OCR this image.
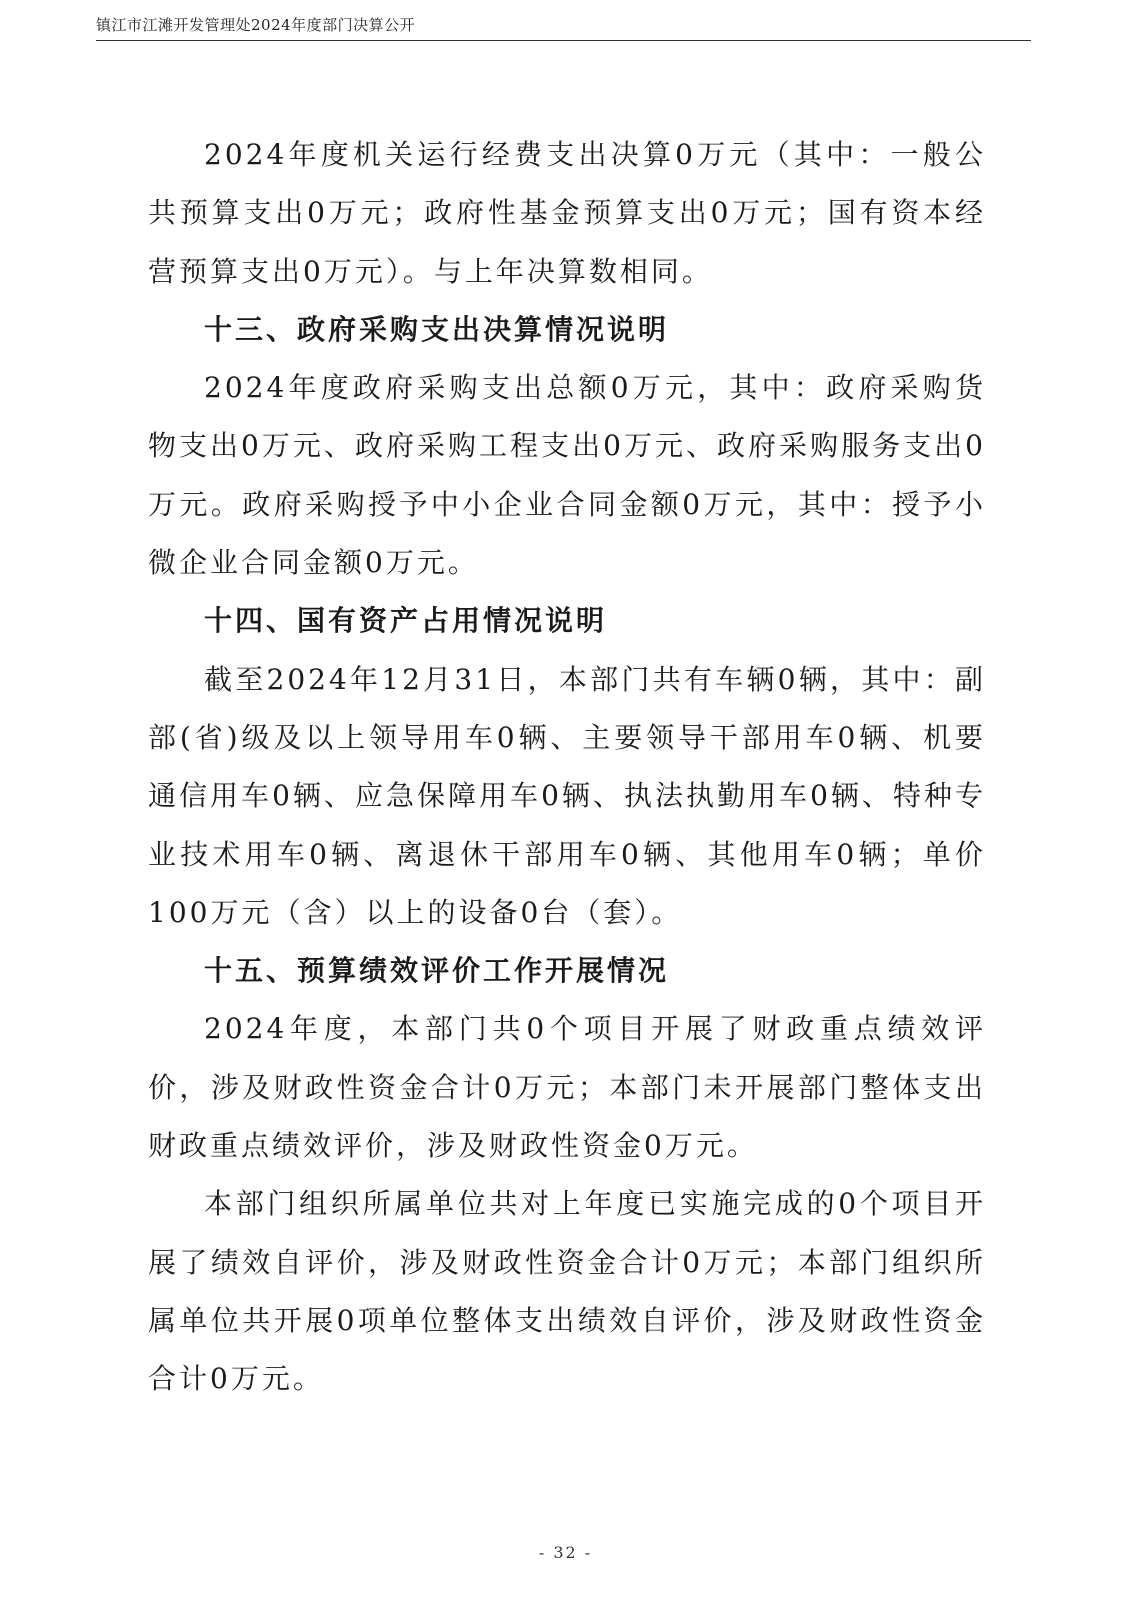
镇江市江滩开发管理处2024年度部门决算公开

2024年度机关运行经费支出决算0万元（其中：一般公共预算支出0万元；政府性基金预算支出0万元；国有资本经营预算支出0万元）。与上年决算数相同。

十三、政府采购支出决算情况说明

2024年度政府采购支出总额0万元，其中：政府采购货物支出0万元、政府采购工程支出0万元、政府采购服务支出0万元。政府采购授予中小企业合同金额0万元，其中：授予小微企业合同金额0万元。

十四、国有资产占用情况说明

截至2024年12月31日，本部门共有车辆0辆，其中：副部(省)级及以上领导用车0辆、主要领导干部用车0辆、机要通信用车0辆、应急保障用车0辆、执法执勤用车0辆、特种专业技术用车0辆、离退休干部用车0辆、其他用车0辆；单价100万元（含）以上的设备0台（套）。

十五、预算绩效评价工作开展情况

2024年度，本部门共0个项目开展了财政重点绩效评价，涉及财政性资金合计0万元；本部门未开展部门整体支出财政重点绩效评价，涉及财政性资金0万元。

本部门组织所属单位共对上年度已实施完成的0个项目开展了绩效自评价，涉及财政性资金合计0万元；本部门组织所属单位共开展0项单位整体支出绩效自评价，涉及财政性资金合计0万元。

- 32 -
